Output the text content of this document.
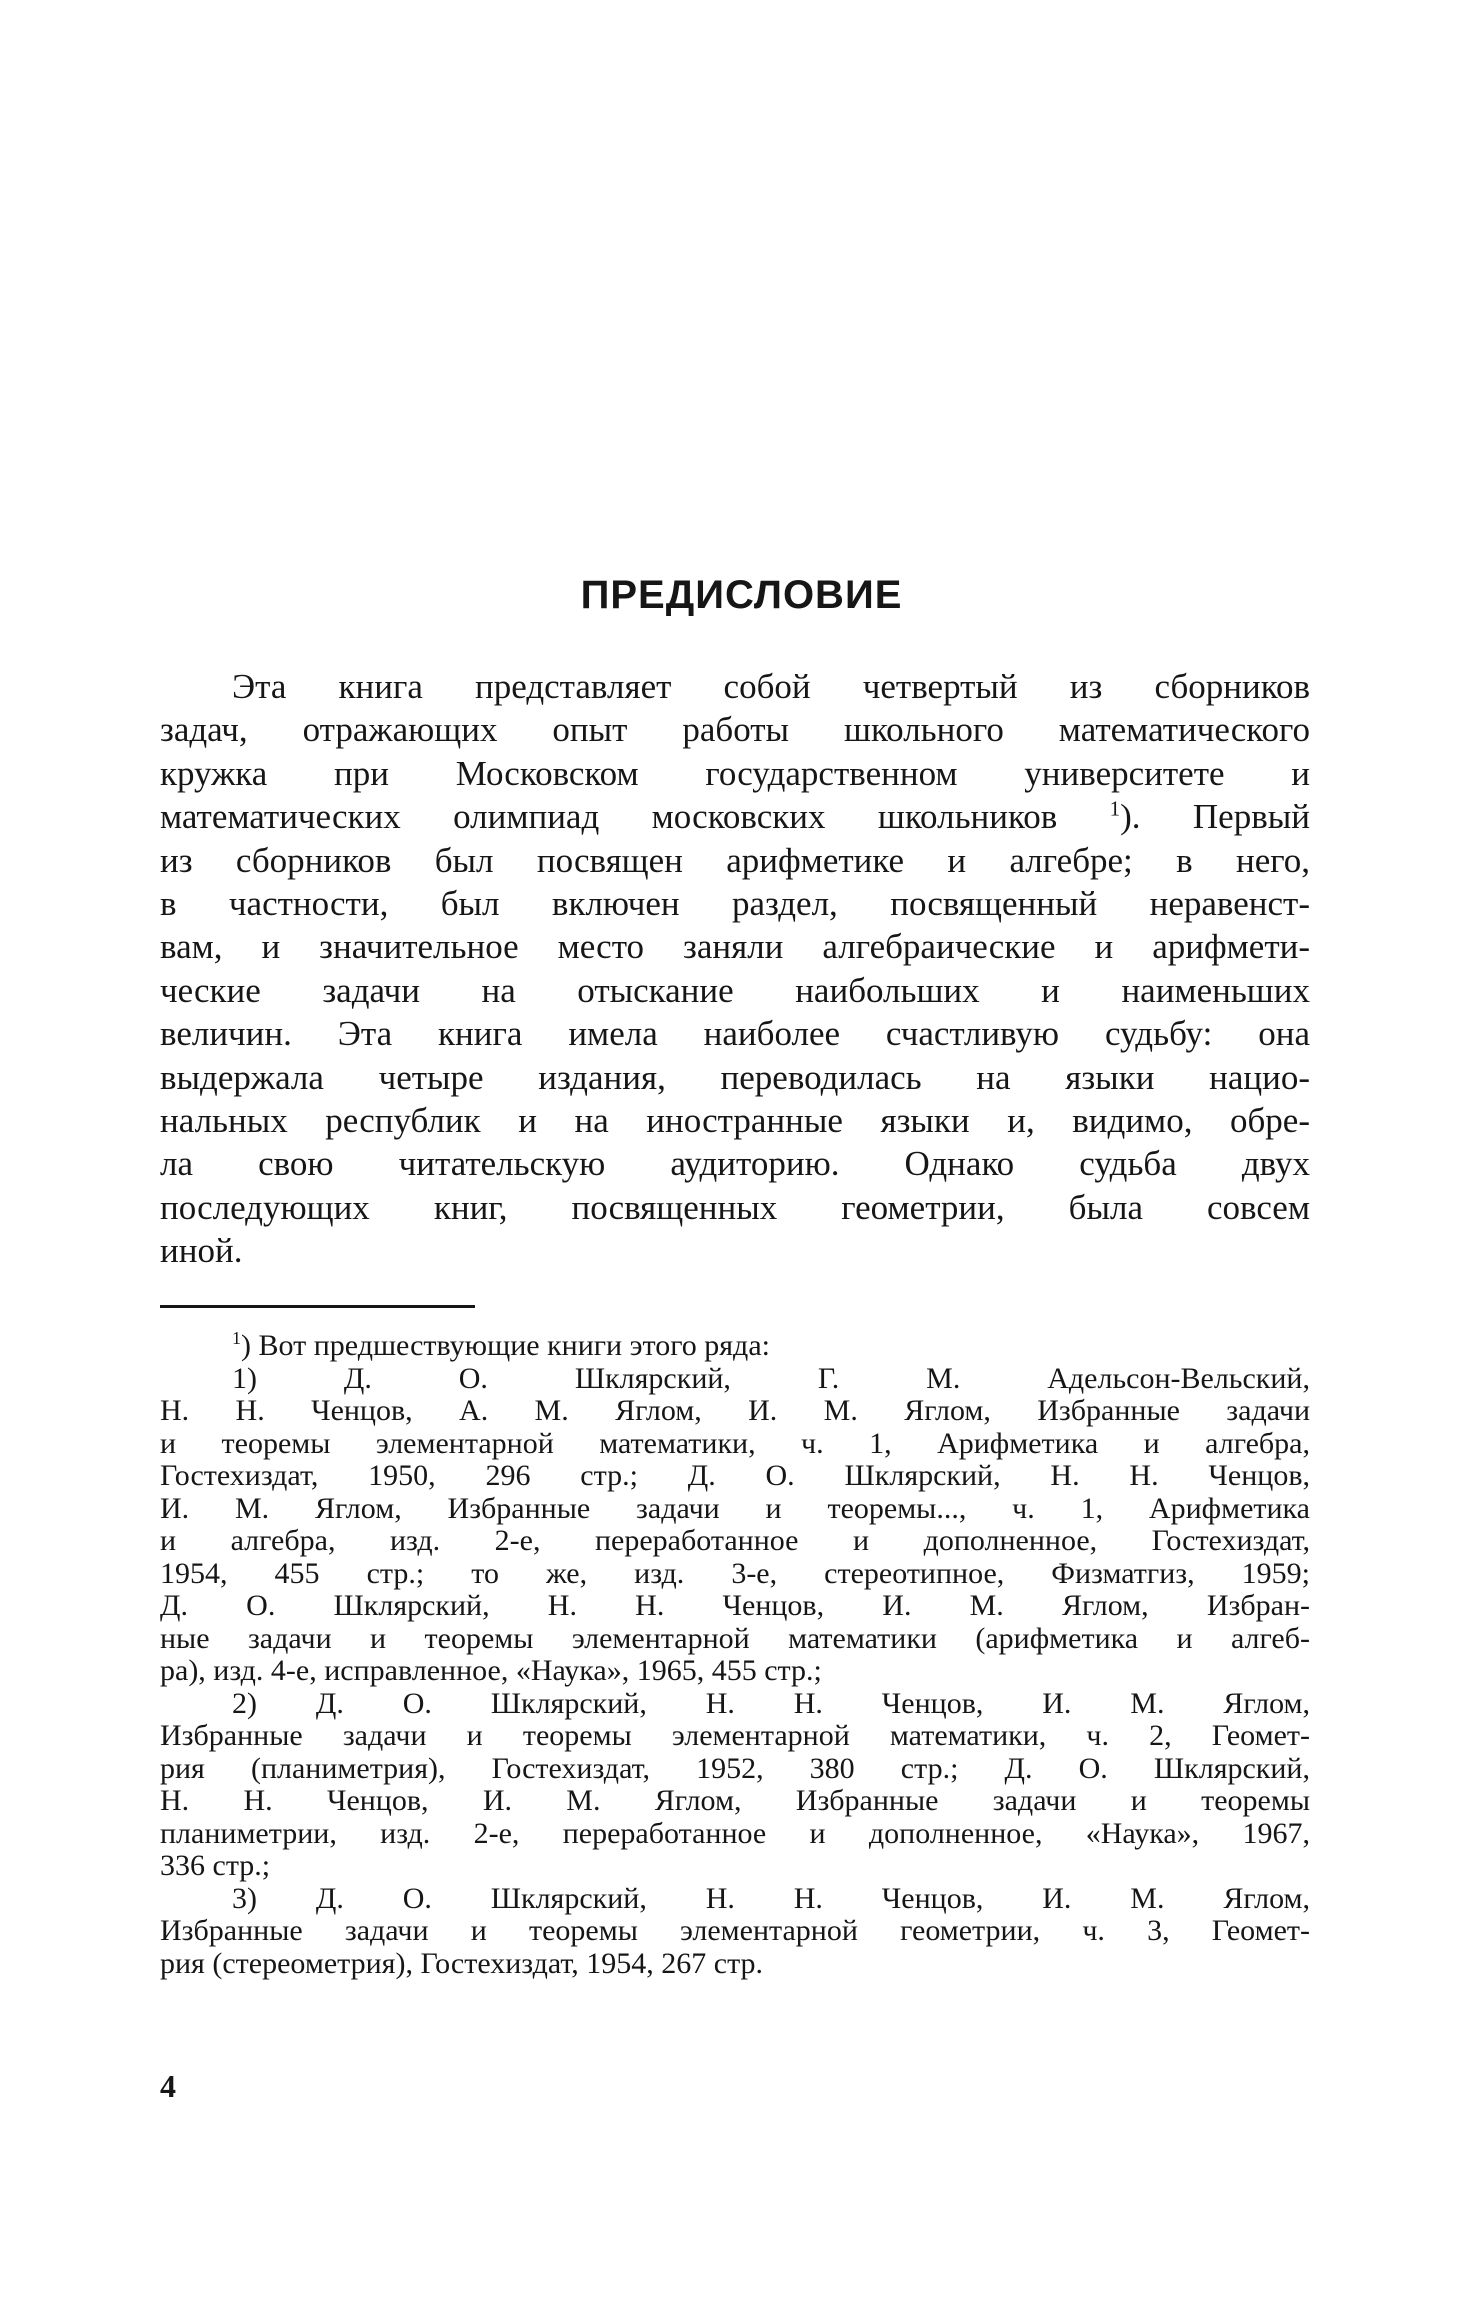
ПРЕДИСЛОВИЕ
Эта книга представляет собой четвертый из сборников
задач, отражающих опыт работы школьного математического
кружка при Московском государственном университете и
математических олимпиад московских школьников $^1$). Первый
из сборников был посвящен арифметике и алгебре; в него,
в частности, был включен раздел, посвященный неравенст-
вам, и значительное место заняли алгебраические и арифмети-
ческие задачи на отыскание наибольших и наименьших
величин. Эта книга имела наиболее счастливую судьбу: она
выдержала четыре издания, переводилась на языки нацио-
нальных республик и на иностранные языки и, видимо, обре-
ла свою читательскую аудиторию. Однако судьба двух
последующих книг, посвященных геометрии, была совсем
иной.
$^1$) Вот предшествующие книги этого ряда:
1) Д. О. Шклярский, Г. М. Адельсон-Вельский,
Н. Н. Ченцов, А. М. Яглом, И. М. Яглом, Избранные задачи
и теоремы элементарной математики, ч. 1, Арифметика и алгебра,
Гостехиздат, 1950, 296 стр.; Д. О. Шклярский, Н. Н. Ченцов,
И. М. Яглом, Избранные задачи и теоремы..., ч. 1, Арифметика
и алгебра, изд. 2-е, переработанное и дополненное, Гостехиздат,
1954, 455 стр.; то же, изд. 3-е, стереотипное, Физматгиз, 1959;
Д. О. Шклярский, Н. Н. Ченцов, И. М. Яглом, Избран-
ные задачи и теоремы элементарной математики (арифметика и алгеб-
ра), изд. 4-е, исправленное, «Наука», 1965, 455 стр.;
2) Д. О. Шклярский, Н. Н. Ченцов, И. М. Яглом,
Избранные задачи и теоремы элементарной математики, ч. 2, Геомет-
рия (планиметрия), Гостехиздат, 1952, 380 стр.; Д. О. Шклярский,
Н. Н. Ченцов, И. М. Яглом, Избранные задачи и теоремы
планиметрии, изд. 2-е, переработанное и дополненное, «Наука», 1967,
336 стр.;
3) Д. О. Шклярский, Н. Н. Ченцов, И. М. Яглом,
Избранные задачи и теоремы элементарной геометрии, ч. 3, Геомет-
рия (стереометрия), Гостехиздат, 1954, 267 стр.
4
